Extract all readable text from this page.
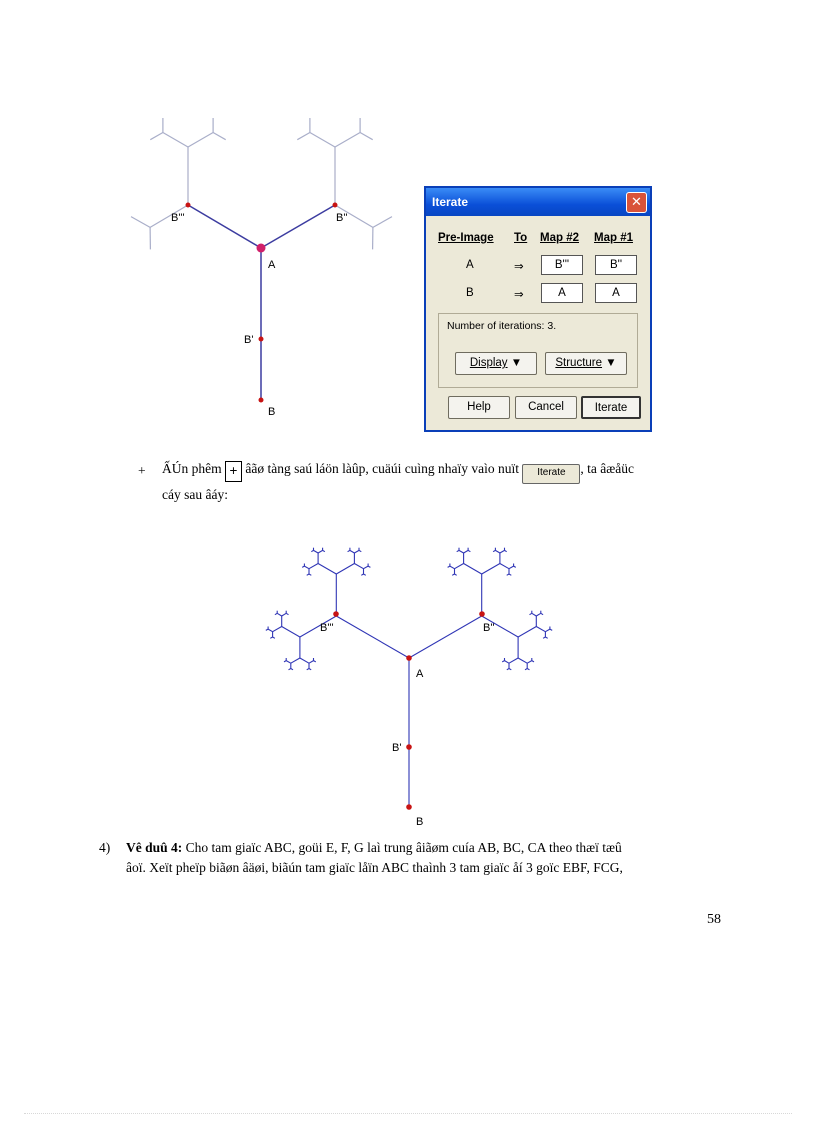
B'''	B''
A
B'
B
Iterate	✕
Pre-Image To Map #2 Map #1
A	⇒	B'''	B''
B	⇒	A	A
Number of iterations: 3.
Display ▼	Structure ▼
Help	Cancel	Iterate
+ ẤÚn phêm + âãø tàng saú láön làûp, cuäúi cuìng nhaïy vaìo nuït Iterate , ta âæåüc
cáy sau âáy:
B'''	B''
A
B'
B
4) Vê duû 4: Cho tam giaïc ABC, goüi E, F, G laì trung âiãøm cuía AB, BC, CA theo thæï tæû
âoï. Xeït pheïp biãøn âäøi, biãún tam giaïc låïn ABC thaình 3 tam giaïc åí 3 goïc EBF, FCG,
58
